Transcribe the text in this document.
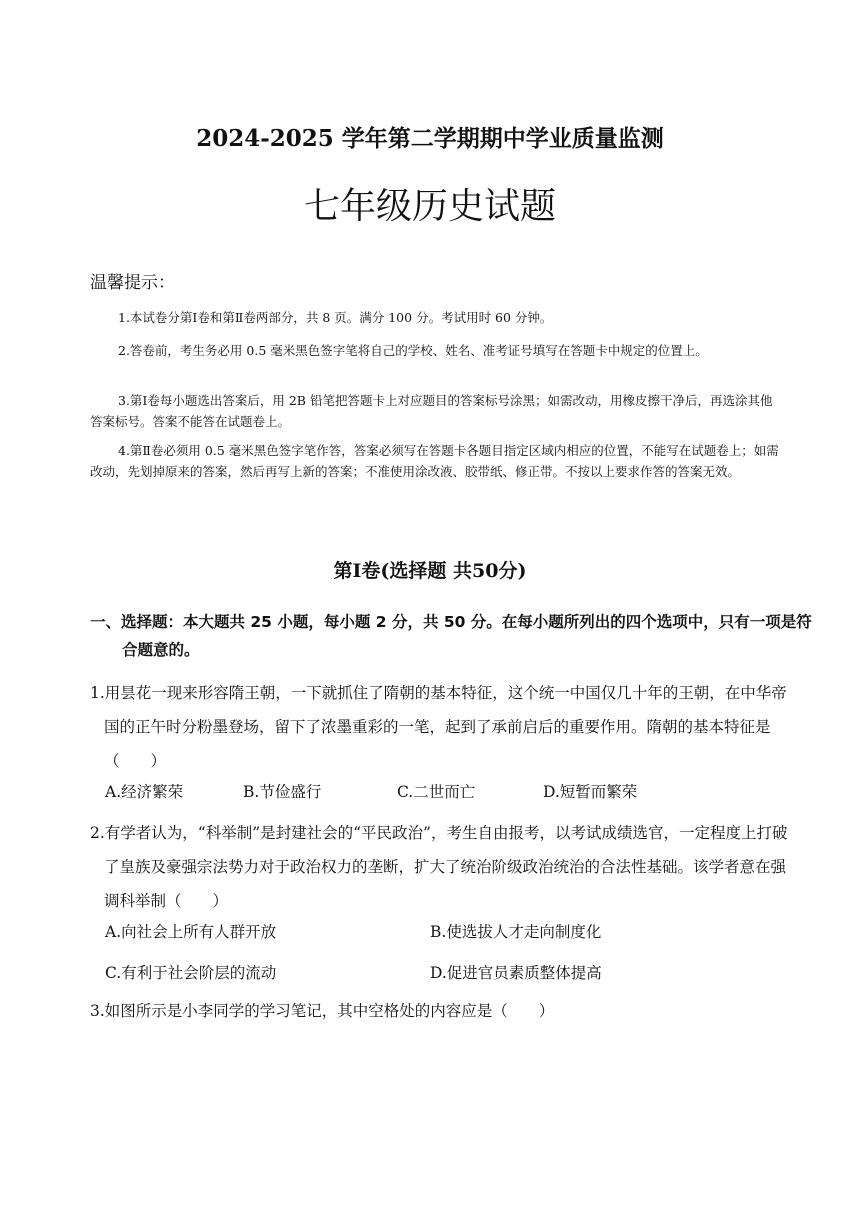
2024-2025 学年第二学期期中学业质量监测
七年级历史试题
温馨提示：
1.本试卷分第Ⅰ卷和第Ⅱ卷两部分，共 8 页。满分 100 分。考试用时 60 分钟。
2.答卷前，考生务必用 0.5 毫米黑色签字笔将自己的学校、姓名、准考证号填写在答题卡中规定的位置上。
3.第Ⅰ卷每小题选出答案后，用 2B 铅笔把答题卡上对应题目的答案标号涂黑；如需改动，用橡皮擦干净后，再选涂其他答案标号。答案不能答在试题卷上。
4.第Ⅱ卷必须用 0.5 毫米黑色签字笔作答，答案必须写在答题卡各题目指定区域内相应的位置，不能写在试题卷上；如需改动，先划掉原来的答案，然后再写上新的答案；不准使用涂改液、胶带纸、修正带。不按以上要求作答的答案无效。
第Ⅰ卷(选择题 共50分)
一、选择题：本大题共 25 小题，每小题 2 分，共 50 分。在每小题所列出的四个选项中，只有一项是符合题意的。
1.用昙花一现来形容隋王朝，一下就抓住了隋朝的基本特征，这个统一中国仅几十年的王朝，在中华帝国的正午时分粉墨登场，留下了浓墨重彩的一笔，起到了承前启后的重要作用。隋朝的基本特征是（　　）
A.经济繁荣	B.节俭盛行	C.二世而亡	D.短暂而繁荣
2.有学者认为，“科举制”是封建社会的“平民政治”，考生自由报考，以考试成绩选官，一定程度上打破了皇族及豪强宗法势力对于政治权力的垄断，扩大了统治阶级政治统治的合法性基础。该学者意在强调科举制（　　）
A.向社会上所有人群开放	B.使选拔人才走向制度化
C.有利于社会阶层的流动	D.促进官员素质整体提高
3.如图所示是小李同学的学习笔记，其中空格处的内容应是（　　）
